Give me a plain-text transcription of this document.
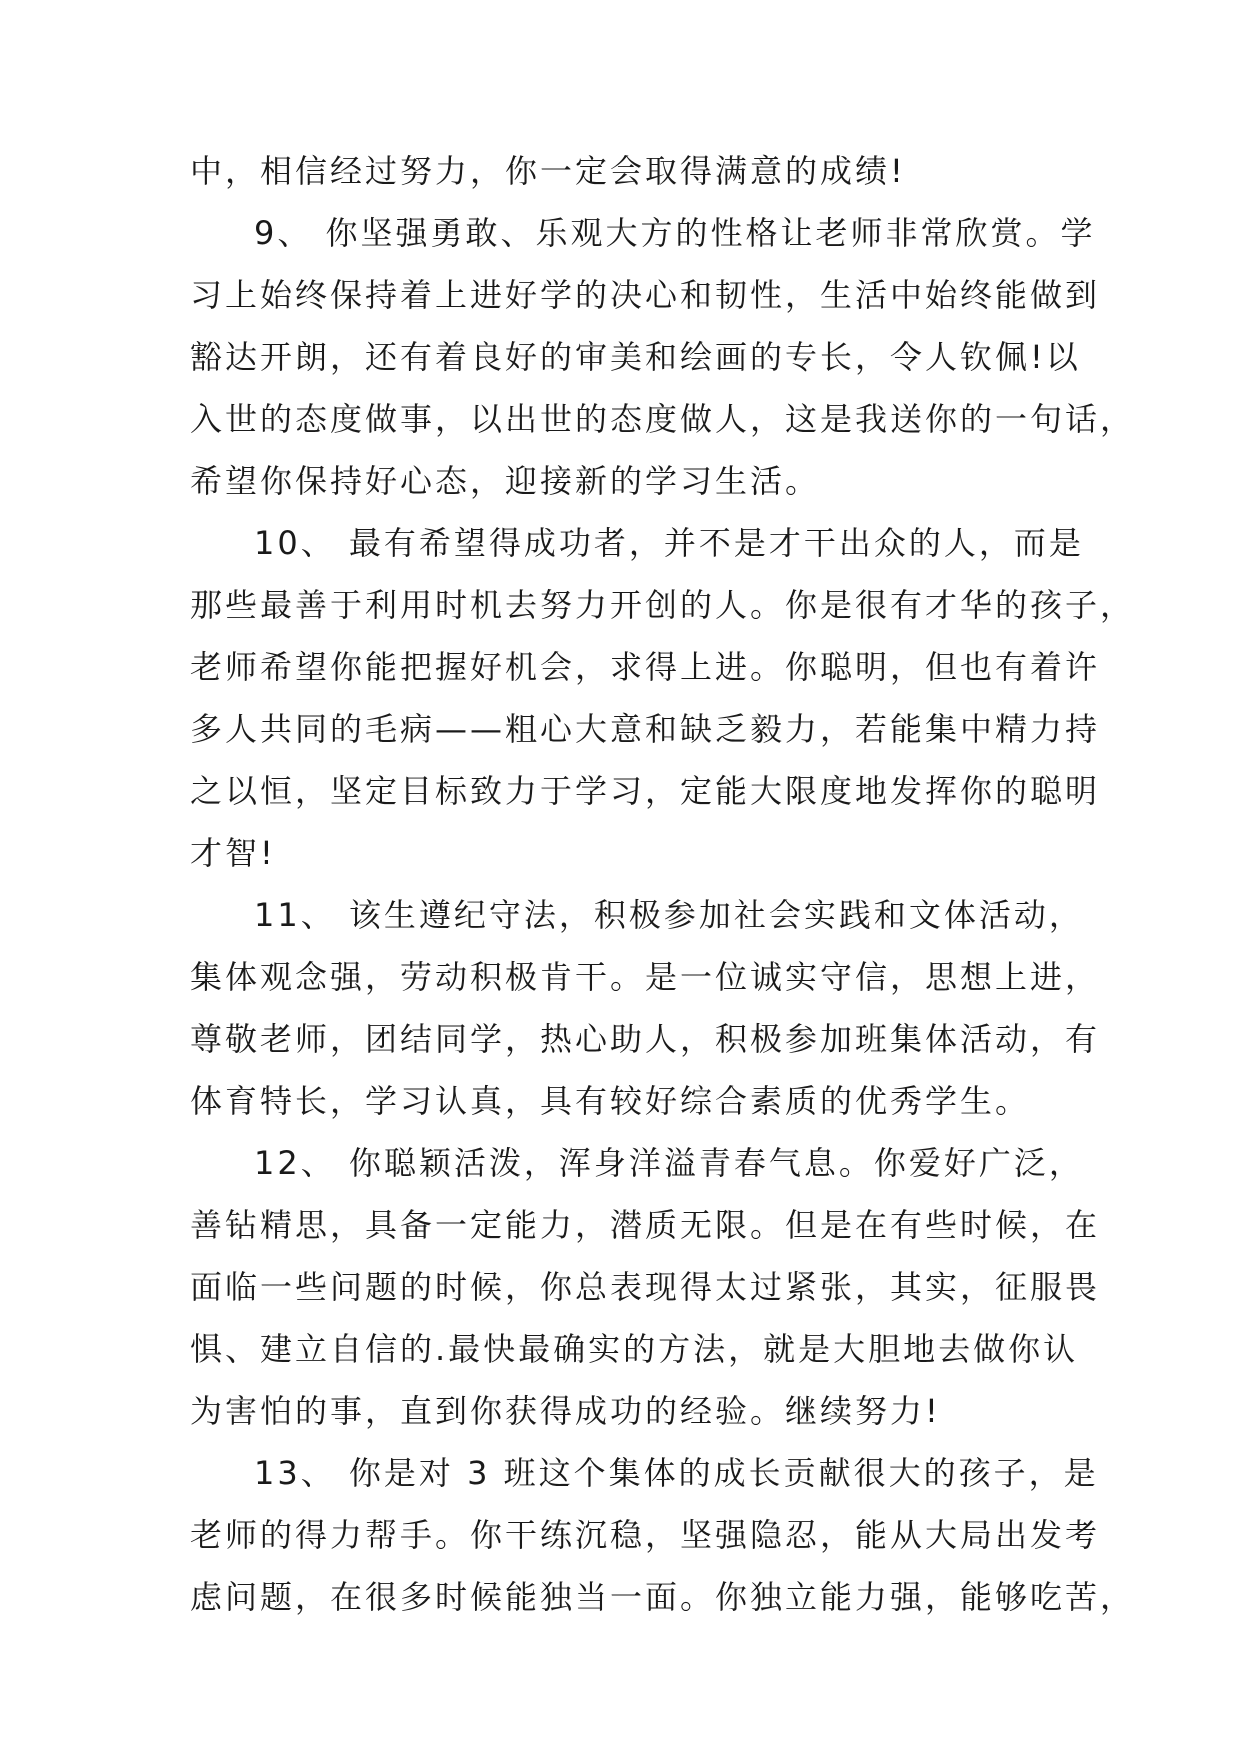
中，相信经过努力，你一定会取得满意的成绩!
9、 你坚强勇敢、乐观大方的性格让老师非常欣赏。学
习上始终保持着上进好学的决心和韧性，生活中始终能做到
豁达开朗，还有着良好的审美和绘画的专长，令人钦佩!以
入世的态度做事，以出世的态度做人，这是我送你的一句话，
希望你保持好心态，迎接新的学习生活。
10、 最有希望得成功者，并不是才干出众的人，而是
那些最善于利用时机去努力开创的人。你是很有才华的孩子，
老师希望你能把握好机会，求得上进。你聪明，但也有着许
多人共同的毛病——粗心大意和缺乏毅力，若能集中精力持
之以恒，坚定目标致力于学习，定能大限度地发挥你的聪明
才智!
11、 该生遵纪守法，积极参加社会实践和文体活动，
集体观念强，劳动积极肯干。是一位诚实守信，思想上进，
尊敬老师，团结同学，热心助人，积极参加班集体活动，有
体育特长，学习认真，具有较好综合素质的优秀学生。
12、 你聪颖活泼，浑身洋溢青春气息。你爱好广泛，
善钻精思，具备一定能力，潜质无限。但是在有些时候，在
面临一些问题的时候，你总表现得太过紧张，其实，征服畏
惧、建立自信的.最快最确实的方法，就是大胆地去做你认
为害怕的事，直到你获得成功的经验。继续努力!
13、 你是对 3 班这个集体的成长贡献很大的孩子，是
老师的得力帮手。你干练沉稳，坚强隐忍，能从大局出发考
虑问题，在很多时候能独当一面。你独立能力强，能够吃苦，
